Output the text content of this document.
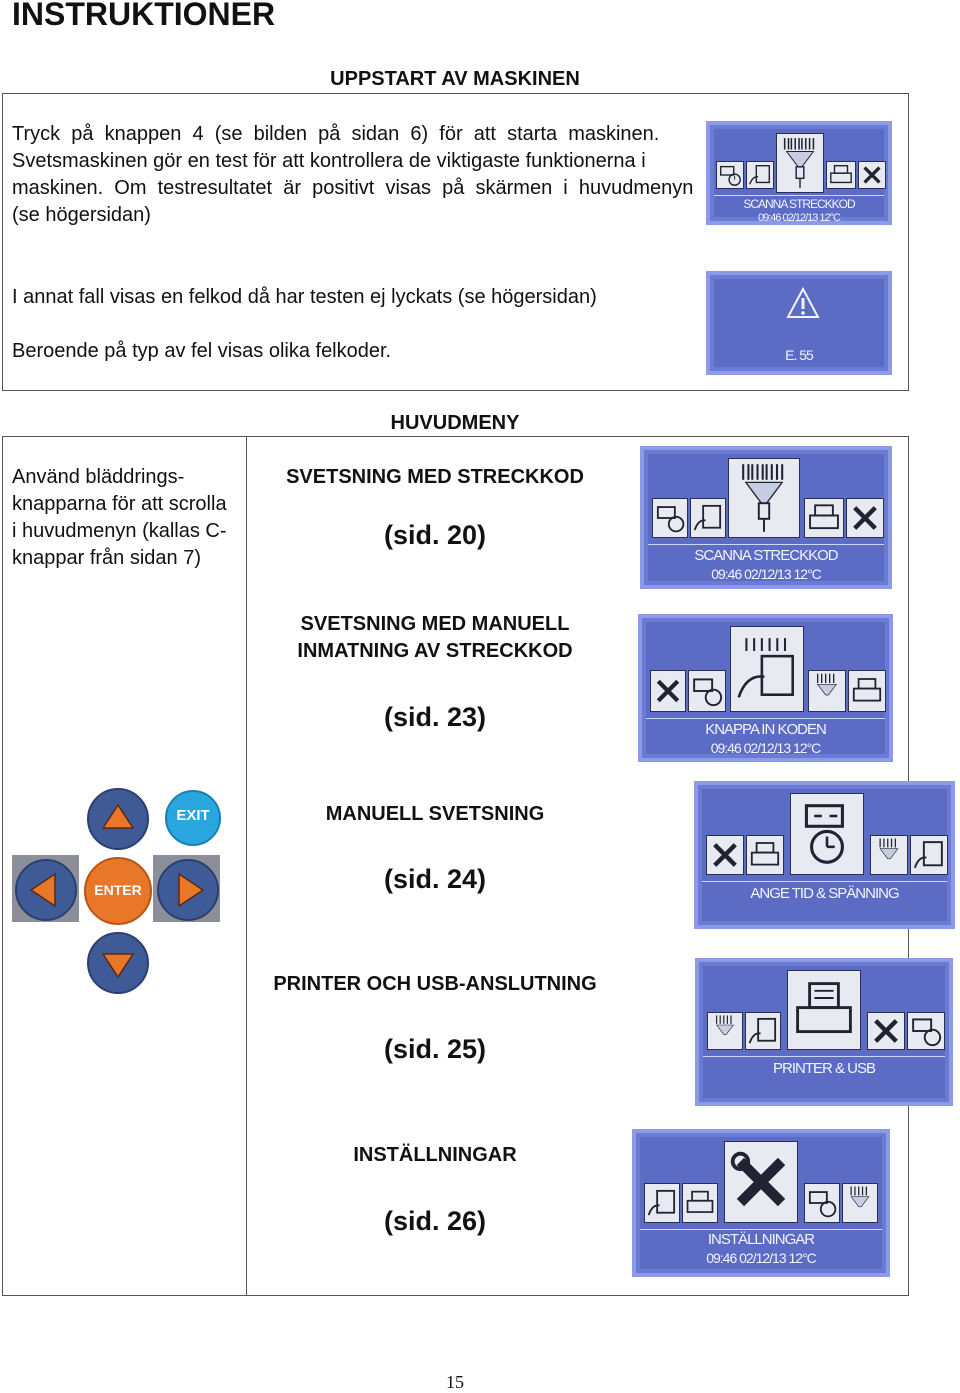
INSTRUKTIONER
UPPSTART AV MASKINEN
Tryck  på  knappen  4  (se  bilden  på  sidan  6)  för  att  starta  maskinen.
Svetsmaskinen gör en test för att kontrollera de viktigaste funktionerna i
maskinen.  Om  testresultatet  är  positivt  visas  på  skärmen  i  huvudmenyn
(se högersidan)
I annat fall visas en felkod då har testen ej lyckats (se högersidan)
Beroende på typ av fel visas olika felkoder.
SCANNA STRECKKOD
09:46 02/12/13 12°C
E. 55
HUVUDMENY
Använd bläddrings-
knapparna för att scrolla
i huvudmenyn (kallas C-
knappar från sidan 7)
EXIT
ENTER
SVETSNING MED STRECKKOD
(sid. 20)
SCANNA STRECKKOD
09:46 02/12/13 12°C
SVETSNING MED MANUELL
INMATNING AV STRECKKOD
(sid. 23)	KNAPPA IN KODEN
09:46 02/12/13 12°C
MANUELL SVETSNING
(sid. 24)	ANGE TID & SPÄNNING
PRINTER OCH USB-ANSLUTNING
(sid. 25)
PRINTER & USB
INSTÄLLNINGAR
(sid. 26)
INSTÄLLNINGAR
09:46 02/12/13 12°C
15
